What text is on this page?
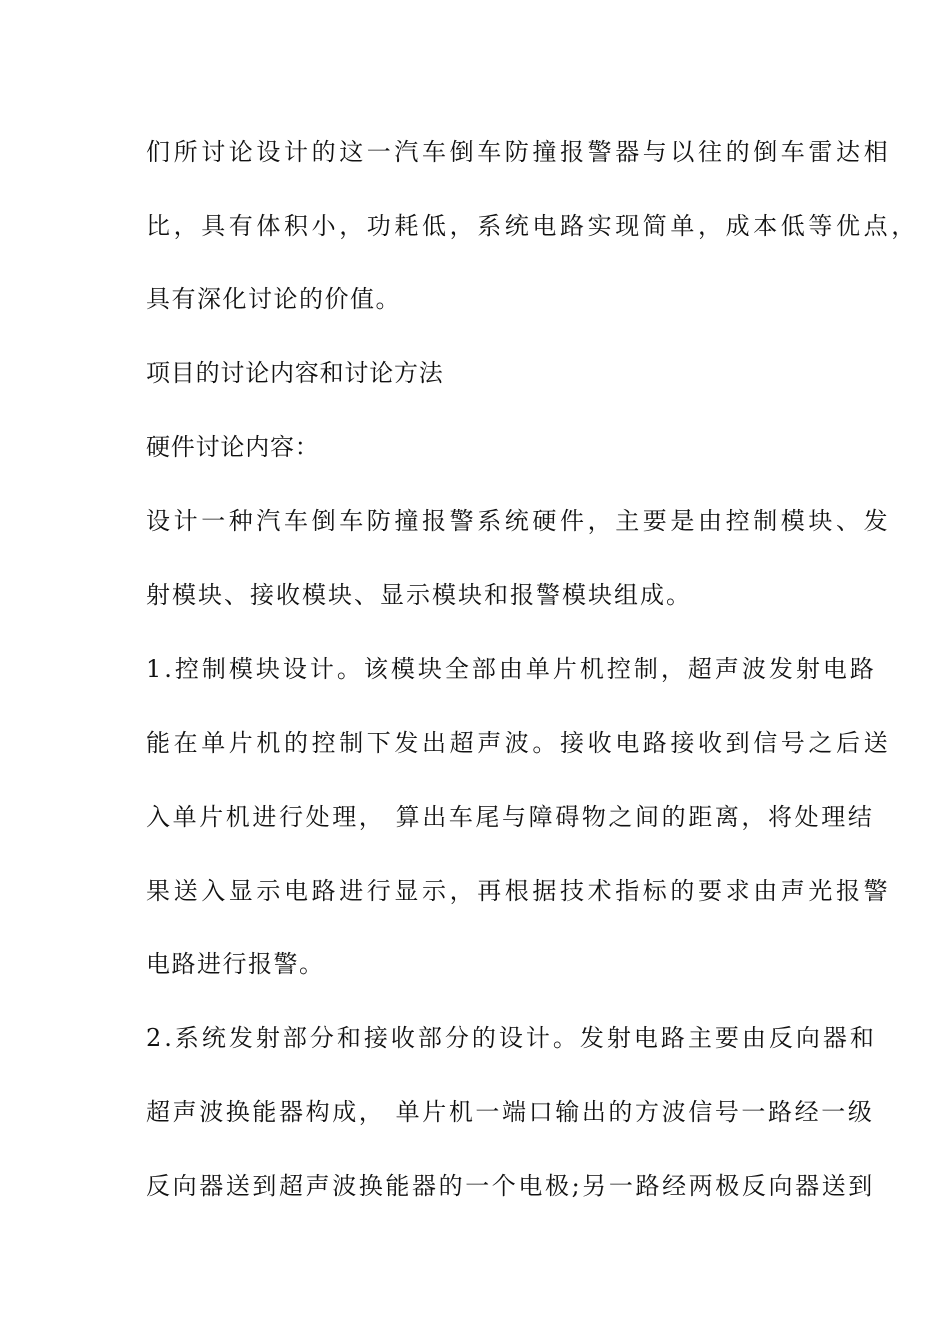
们所讨论设计的这一汽车倒车防撞报警器与以往的倒车雷达相
比，具有体积小，功耗低，系统电路实现简单，成本低等优点，
具有深化讨论的价值。
项目的讨论内容和讨论方法
硬件讨论内容：
设计一种汽车倒车防撞报警系统硬件，主要是由控制模块、发
射模块、接收模块、显示模块和报警模块组成。
1.控制模块设计。该模块全部由单片机控制，超声波发射电路
能在单片机的控制下发出超声波。接收电路接收到信号之后送
入单片机进行处理， 算出车尾与障碍物之间的距离，将处理结
果送入显示电路进行显示，再根据技术指标的要求由声光报警
电路进行报警。
2.系统发射部分和接收部分的设计。发射电路主要由反向器和
超声波换能器构成， 单片机一端口输出的方波信号一路经一级
反向器送到超声波换能器的一个电极;另一路经两极反向器送到
